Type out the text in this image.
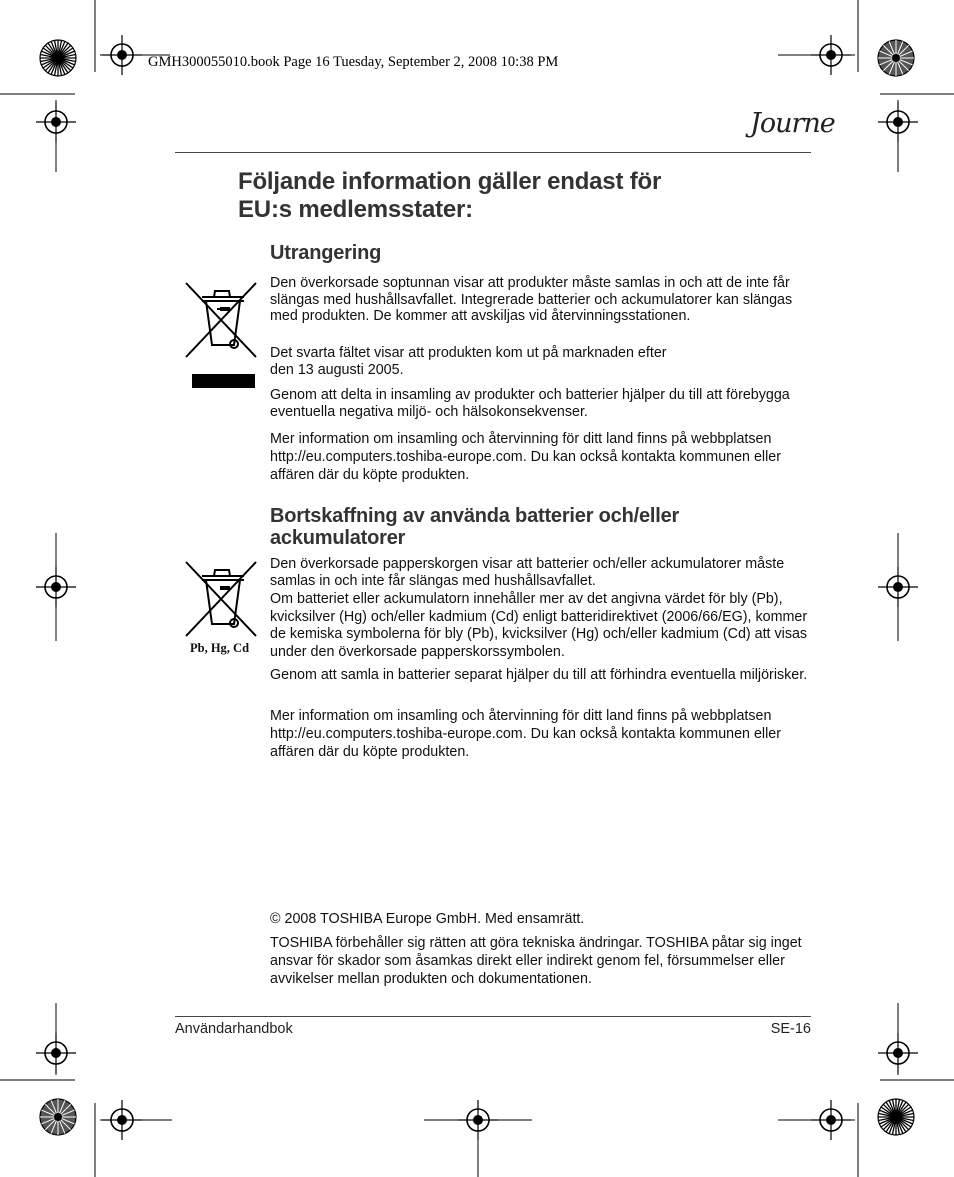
GMH300055010.book Page 16 Tuesday, September 2, 2008 10:38 PM
Journe
Följande information gäller endast för
EU:s medlemsstater:
Utrangering

Den överkorsade soptunnan visar att produkter måste samlas in och att de inte får slängas med hushållsavfallet. Integrerade batterier och ackumulatorer kan slängas med produkten. De kommer att avskiljas vid återvinningsstationen.

Det svarta fältet visar att produkten kom ut på marknaden efter
den 13 augusti 2005.

Genom att delta in insamling av produkter och batterier hjälper du till att förebygga eventuella negativa miljö- och hälsokonsekvenser.

Mer information om insamling och återvinning för ditt land finns på webbplatsen http://eu.computers.toshiba-europe.com. Du kan också kontakta kommunen eller affären där du köpte produkten.

Bortskaffning av använda batterier och/eller ackumulatorer
Pb, Hg, Cd

Den överkorsade papperskorgen visar att batterier och/eller ackumulatorer måste samlas in och inte får slängas med hushållsavfallet.

Om batteriet eller ackumulatorn innehåller mer av det angivna värdet för bly (Pb), kvicksilver (Hg) och/eller kadmium (Cd) enligt batteridirektivet (2006/66/EG), kommer de kemiska symbolerna för bly (Pb), kvicksilver (Hg) och/eller kadmium (Cd) att visas under den överkorsade papperskorssymbolen.

Genom att samla in batterier separat hjälper du till att förhindra eventuella miljörisker.

Mer information om insamling och återvinning för ditt land finns på webbplatsen http://eu.computers.toshiba-europe.com. Du kan också kontakta kommunen eller affären där du köpte produkten.

© 2008 TOSHIBA Europe GmbH. Med ensamrätt.

TOSHIBA förbehåller sig rätten att göra tekniska ändringar. TOSHIBA påtar sig inget ansvar för skador som åsamkas direkt eller indirekt genom fel, försummelser eller avvikelser mellan produkten och dokumentationen.

Användarhandbok	SE-16
